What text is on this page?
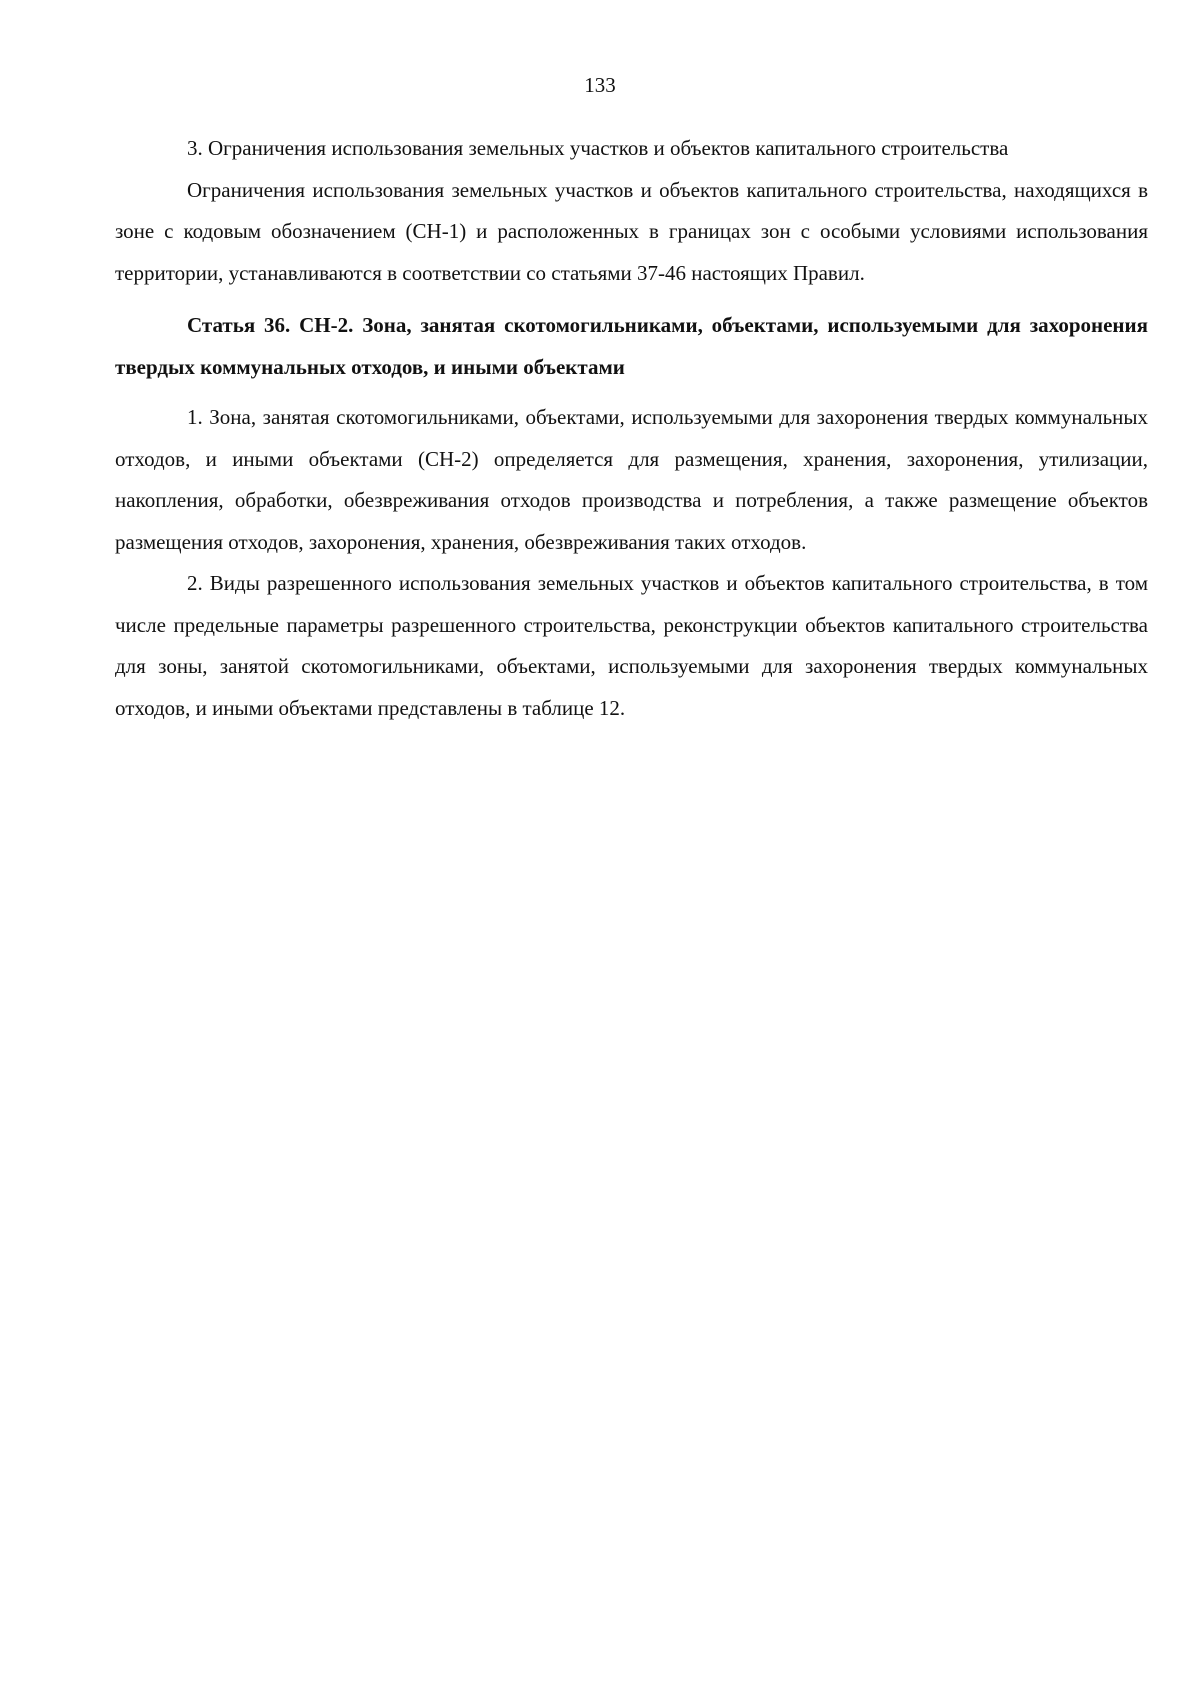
133

3. Ограничения использования земельных участков и объектов капитального строительства

Ограничения использования земельных участков и объектов капитального строительства, находящихся в зоне с кодовым обозначением (СН-1) и расположенных в границах зон с особыми условиями использования территории, устанавливаются в соответствии со статьями 37-46 настоящих Правил.

Статья 36. СН-2. Зона, занятая скотомогильниками, объектами, используемыми для захоронения твердых коммунальных отходов, и иными объектами

1. Зона, занятая скотомогильниками, объектами, используемыми для захоронения твердых коммунальных отходов, и иными объектами (СН-2) определяется для размещения, хранения, захоронения, утилизации, накопления, обработки, обезвреживания отходов производства и потребления, а также размещение объектов размещения отходов, захоронения, хранения, обезвреживания таких отходов.

2. Виды разрешенного использования земельных участков и объектов капитального строительства, в том числе предельные параметры разрешенного строительства, реконструкции объектов капитального строительства для зоны, занятой скотомогильниками, объектами, используемыми для захоронения твердых коммунальных отходов, и иными объектами представлены в таблице 12.
